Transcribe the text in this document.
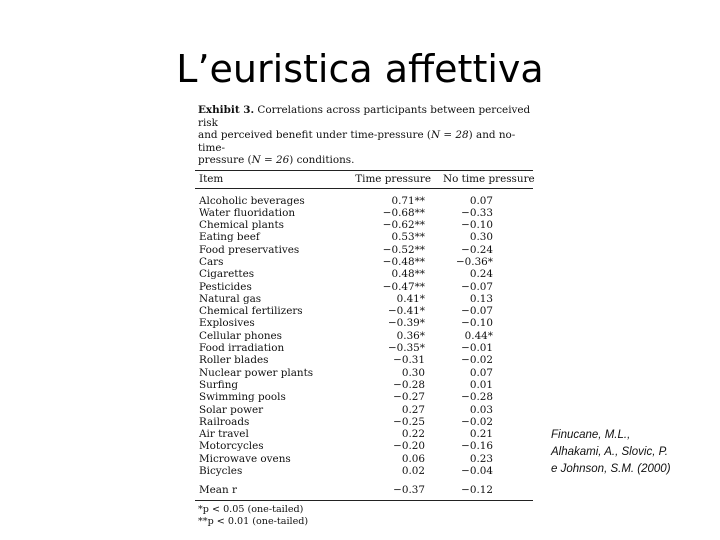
L’euristica affettiva
Exhibit 3. Correlations across participants between perceived risk
and perceived benefit under time-pressure (N = 28) and no-time-
pressure (N = 26) conditions.
Item	Time pressure	No time pressure
Alcoholic beverages	0.71**	0.07
Water fluoridation	−0.68**	−0.33
Chemical plants	−0.62**	−0.10
Eating beef	0.53**	0.30
Food preservatives	−0.52**	−0.24
Cars	−0.48**	−0.36*
Cigarettes	0.48**	0.24
Pesticides	−0.47**	−0.07
Natural gas	0.41*	0.13
Chemical fertilizers	−0.41*	−0.07
Explosives	−0.39*	−0.10
Cellular phones	0.36*	0.44*
Food irradiation	−0.35*	−0.01
Roller blades	−0.31	−0.02
Nuclear power plants	0.30	0.07
Surfing	−0.28	0.01
Swimming pools	−0.27	−0.28
Solar power	0.27	0.03
Railroads	−0.25	−0.02
Air travel	0.22	0.21
Motorcycles	−0.20	−0.16
Microwave ovens	0.06	0.23
Bicycles	0.02	−0.04
Mean r	−0.37	−0.12
*p < 0.05 (one-tailed)
**p < 0.01 (one-tailed)
Finucane, M.L.,
Alhakami, A., Slovic, P.
e Johnson, S.M. (2000)
